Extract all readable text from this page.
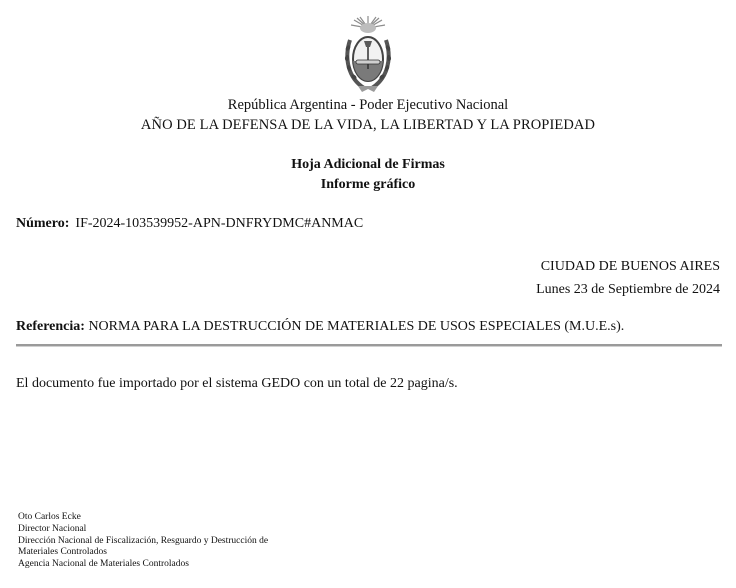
República Argentina - Poder Ejecutivo Nacional
AÑO DE LA DEFENSA DE LA VIDA, LA LIBERTAD Y LA PROPIEDAD
Hoja Adicional de Firmas
Informe gráfico
Número: IF-2024-103539952-APN-DNFRYDMC#ANMAC
CIUDAD DE BUENOS AIRES
Lunes 23 de Septiembre de 2024
Referencia: NORMA PARA LA DESTRUCCIÓN DE MATERIALES DE USOS ESPECIALES (M.U.E.s).
El documento fue importado por el sistema GEDO con un total de 22 pagina/s.
Oto Carlos Ecke
Director Nacional
Dirección Nacional de Fiscalización, Resguardo y Destrucción de
Materiales Controlados
Agencia Nacional de Materiales Controlados
